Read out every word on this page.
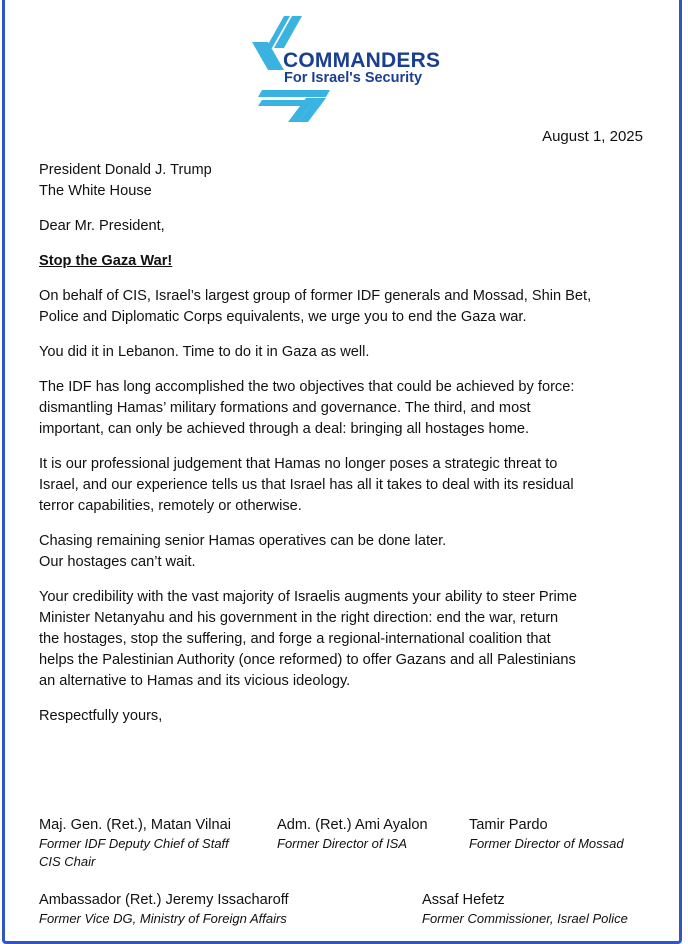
COMMANDERS
For Israel's Security
August 1, 2025

President Donald J. Trump

The White House

Dear Mr. President,

Stop the Gaza War!

On behalf of CIS, Israel’s largest group of former IDF generals and Mossad, Shin Bet,

Police and Diplomatic Corps equivalents, we urge you to end the Gaza war.

You did it in Lebanon. Time to do it in Gaza as well.

The IDF has long accomplished the two objectives that could be achieved by force:

dismantling Hamas’ military formations and governance. The third, and most

important, can only be achieved through a deal: bringing all hostages home.

It is our professional judgement that Hamas no longer poses a strategic threat to

Israel, and our experience tells us that Israel has all it takes to deal with its residual

terror capabilities, remotely or otherwise.

Chasing remaining senior Hamas operatives can be done later.

Our hostages can’t wait.

Your credibility with the vast majority of Israelis augments your ability to steer Prime

Minister Netanyahu and his government in the right direction: end the war, return

the hostages, stop the suffering, and forge a regional-international coalition that

helps the Palestinian Authority (once reformed) to offer Gazans and all Palestinians

an alternative to Hamas and its vicious ideology.

Respectfully yours,

Maj. Gen. (Ret.), Matan Vilnai
Former IDF Deputy Chief of Staff
CIS Chair
Adm. (Ret.) Ami Ayalon
Former Director of ISA
Tamir Pardo
Former Director of Mossad
Ambassador (Ret.) Jeremy Issacharoff
Former Vice DG, Ministry of Foreign Affairs
Assaf Hefetz
Former Commissioner, Israel Police
